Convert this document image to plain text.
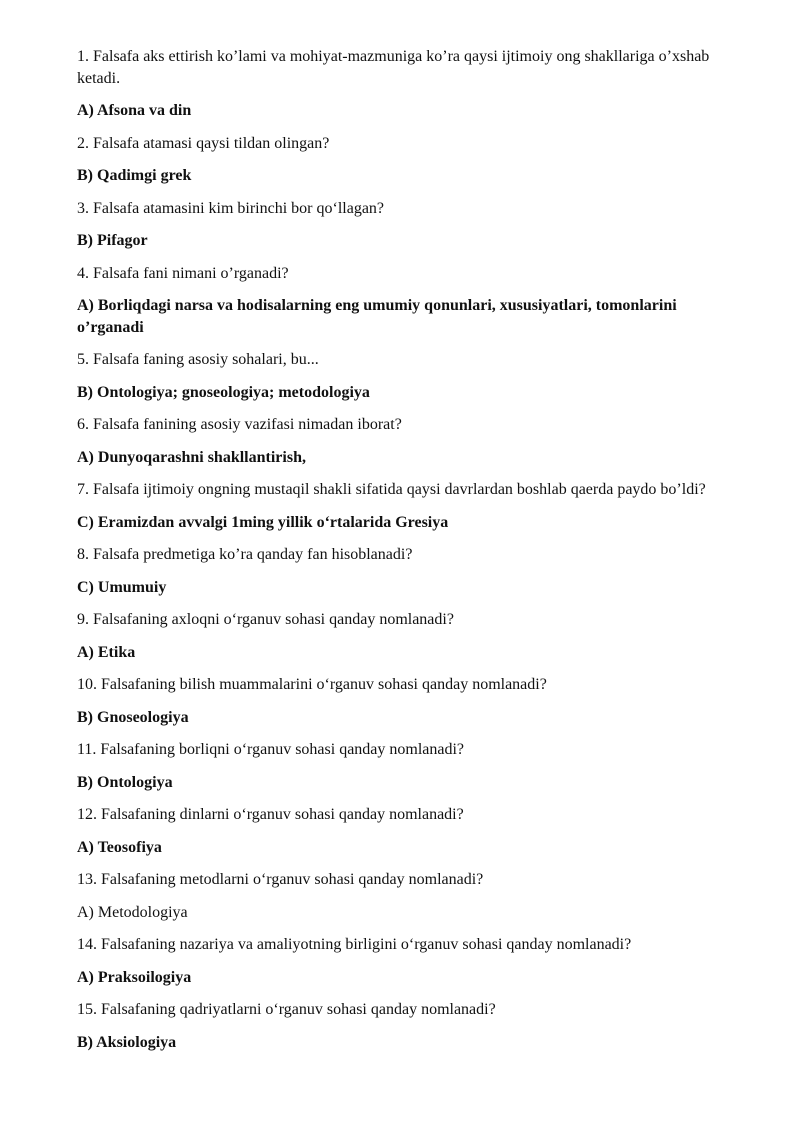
1. Falsafa aks ettirish ko’lami va mohiyat-mazmuniga ko’ra qaysi ijtimoiy ong shakllariga o’xshab ketadi.
A) Afsona va din
2. Falsafa atamasi qaysi tildan olingan?
B) Qadimgi grek
3. Falsafa atamasini kim birinchi bor qo‘llagan?
B) Pifagor
4. Falsafa fani nimani o’rganadi?
A) Borliqdagi narsa va hodisalarning eng umumiy qonunlari, xususiyatlari, tomonlarini o’rganadi
5. Falsafa faning asosiy sohalari, bu...
B) Ontologiya; gnoseologiya; metodologiya
6. Falsafa fanining asosiy vazifasi nimadan iborat?
A) Dunyoqarashni shakllantirish,
7. Falsafa ijtimoiy ongning mustaqil shakli sifatida qaysi davrlardan boshlab qaerda paydo bo’ldi?
C) Eramizdan avvalgi 1ming yillik o‘rtalarida Gresiya
8. Falsafa predmetiga ko’ra qanday fan hisoblanadi?
C) Umumuiy
9. Falsafaning axloqni o‘rganuv sohasi qanday nomlanadi?
A) Etika
10. Falsafaning bilish muammalarini o‘rganuv sohasi qanday nomlanadi?
B) Gnoseologiya
11. Falsafaning borliqni o‘rganuv sohasi qanday nomlanadi?
B) Ontologiya
12. Falsafaning dinlarni o‘rganuv sohasi qanday nomlanadi?
A) Teosofiya
13. Falsafaning metodlarni o‘rganuv sohasi qanday nomlanadi?
A) Metodologiya
14. Falsafaning nazariya va amaliyotning birligini o‘rganuv sohasi qanday nomlanadi?
A) Praksoilogiya
15. Falsafaning qadriyatlarni o‘rganuv sohasi qanday nomlanadi?
B) Aksiologiya
